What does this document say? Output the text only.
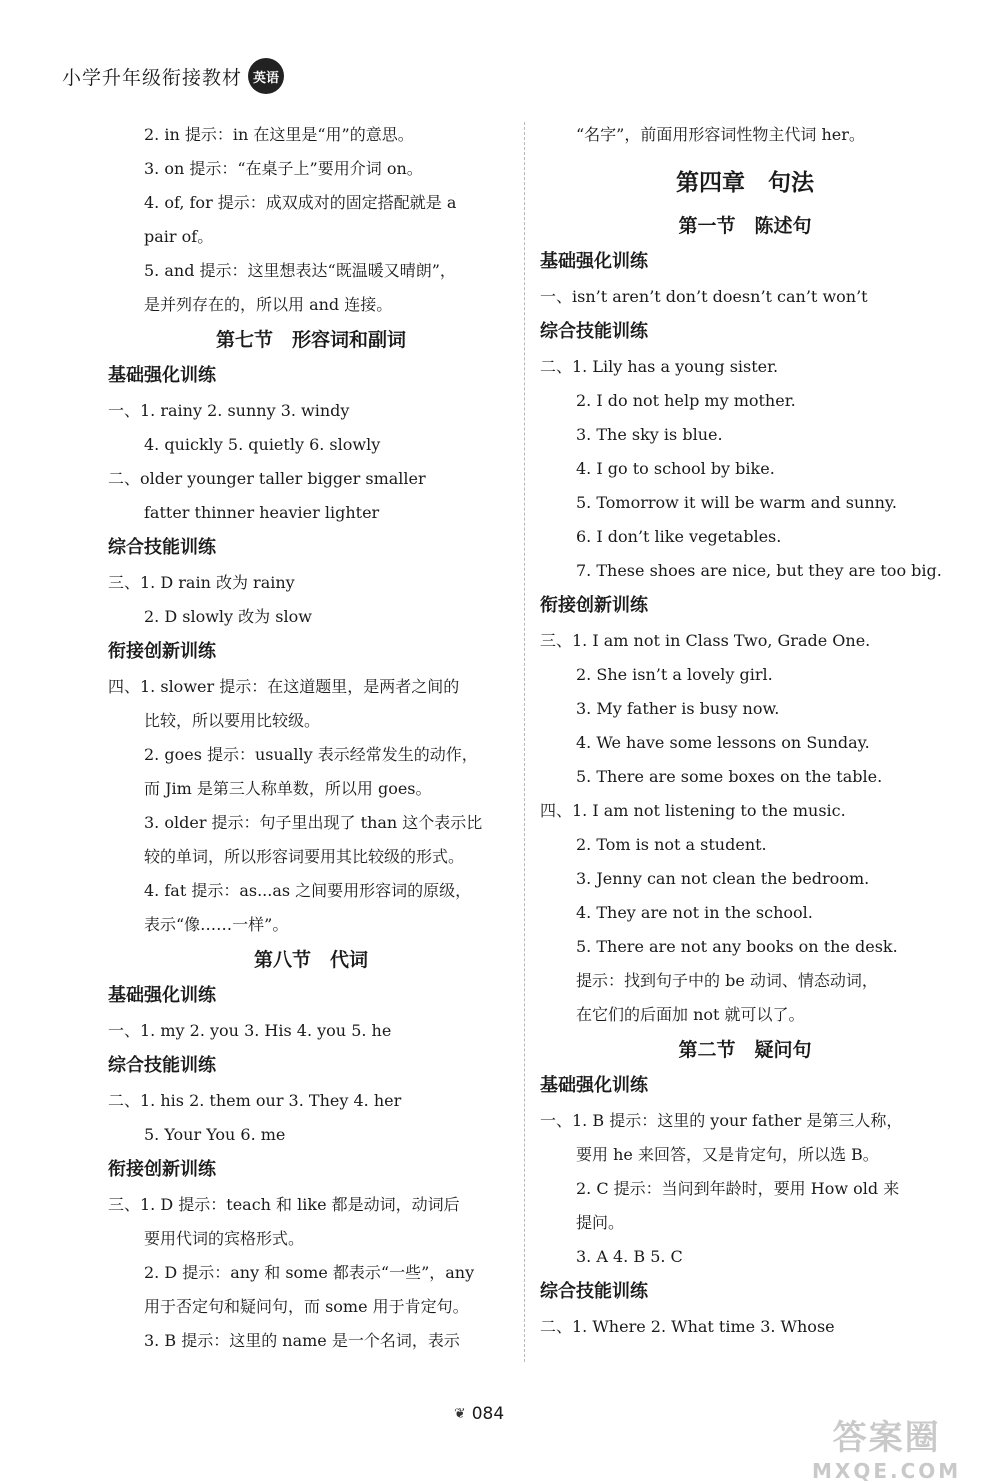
小学升年级衔接教材 英语
2. in 提示：in 在这里是“用”的意思。
3. on 提示：“在桌子上”要用介词 on。
4. of, for 提示：成双成对的固定搭配就是 a
pair of。
5. and 提示：这里想表达“既温暖又晴朗”，
是并列存在的，所以用 and 连接。
第七节　形容词和副词
基础强化训练
一、1. rainy 2. sunny 3. windy
4. quickly 5. quietly 6. slowly
二、older younger taller bigger smaller
fatter thinner heavier lighter
综合技能训练
三、1. D rain 改为 rainy
2. D slowly 改为 slow
衔接创新训练
四、1. slower 提示：在这道题里，是两者之间的
比较，所以要用比较级。
2. goes 提示：usually 表示经常发生的动作，
而 Jim 是第三人称单数，所以用 goes。
3. older 提示：句子里出现了 than 这个表示比
较的单词，所以形容词要用其比较级的形式。
4. fat 提示：as...as 之间要用形容词的原级，
表示“像……一样”。
第八节　代词
基础强化训练
一、1. my 2. you 3. His 4. you 5. he
综合技能训练
二、1. his 2. them our 3. They 4. her
5. Your You 6. me
衔接创新训练
三、1. D 提示：teach 和 like 都是动词，动词后
要用代词的宾格形式。
2. D 提示：any 和 some 都表示“一些”，any
用于否定句和疑问句，而 some 用于肯定句。
3. B 提示：这里的 name 是一个名词，表示
“名字”，前面用形容词性物主代词 her。
第四章　句法
第一节　陈述句
基础强化训练
一、isn’t aren’t don’t doesn’t can’t won’t
综合技能训练
二、1. Lily has a young sister.
2. I do not help my mother.
3. The sky is blue.
4. I go to school by bike.
5. Tomorrow it will be warm and sunny.
6. I don’t like vegetables.
7. These shoes are nice, but they are too big.
衔接创新训练
三、1. I am not in Class Two, Grade One.
2. She isn’t a lovely girl.
3. My father is busy now.
4. We have some lessons on Sunday.
5. There are some boxes on the table.
四、1. I am not listening to the music.
2. Tom is not a student.
3. Jenny can not clean the bedroom.
4. They are not in the school.
5. There are not any books on the desk.
提示：找到句子中的 be 动词、情态动词，
在它们的后面加 not 就可以了。
第二节　疑问句
基础强化训练
一、1. B 提示：这里的 your father 是第三人称，
要用 he 来回答，又是肯定句，所以选 B。
2. C 提示：当问到年龄时，要用 How old 来
提问。
3. A 4. B 5. C
综合技能训练
二、1. Where 2. What time 3. Whose
❦ 084
答案圈
MXQE.COM
